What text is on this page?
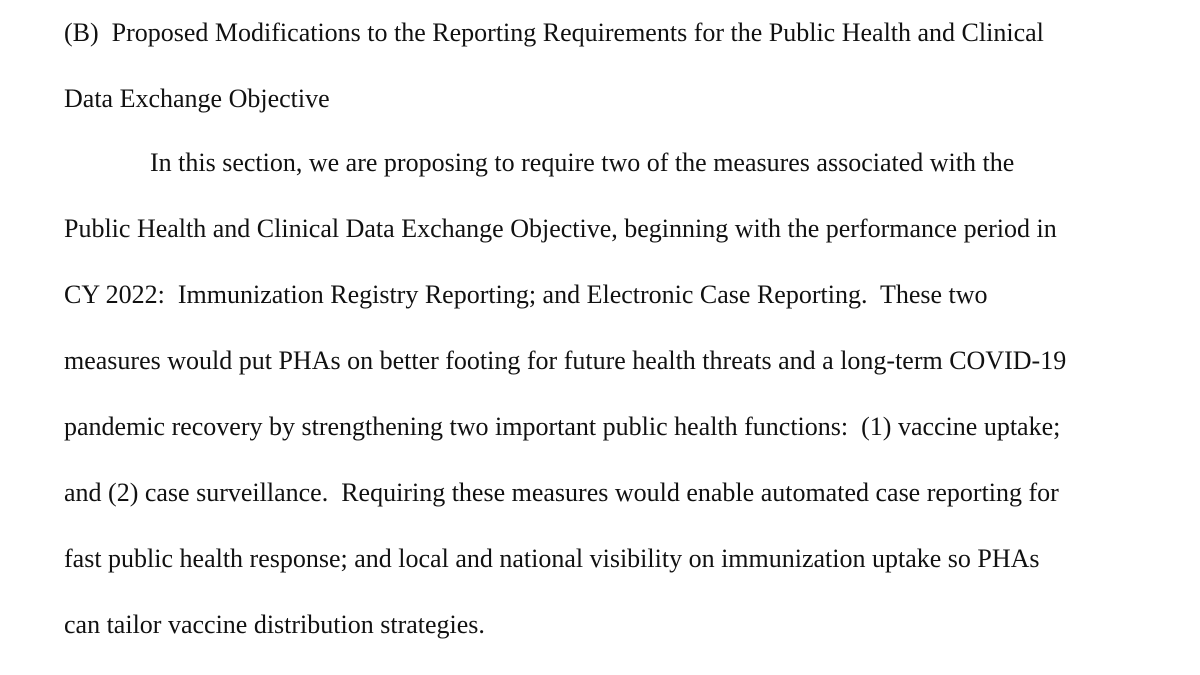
(B)  Proposed Modifications to the Reporting Requirements for the Public Health and Clinical
Data Exchange Objective
In this section, we are proposing to require two of the measures associated with the
Public Health and Clinical Data Exchange Objective, beginning with the performance period in
CY 2022:  Immunization Registry Reporting; and Electronic Case Reporting.  These two
measures would put PHAs on better footing for future health threats and a long-term COVID-19
pandemic recovery by strengthening two important public health functions:  (1) vaccine uptake;
and (2) case surveillance.  Requiring these measures would enable automated case reporting for
fast public health response; and local and national visibility on immunization uptake so PHAs
can tailor vaccine distribution strategies.
